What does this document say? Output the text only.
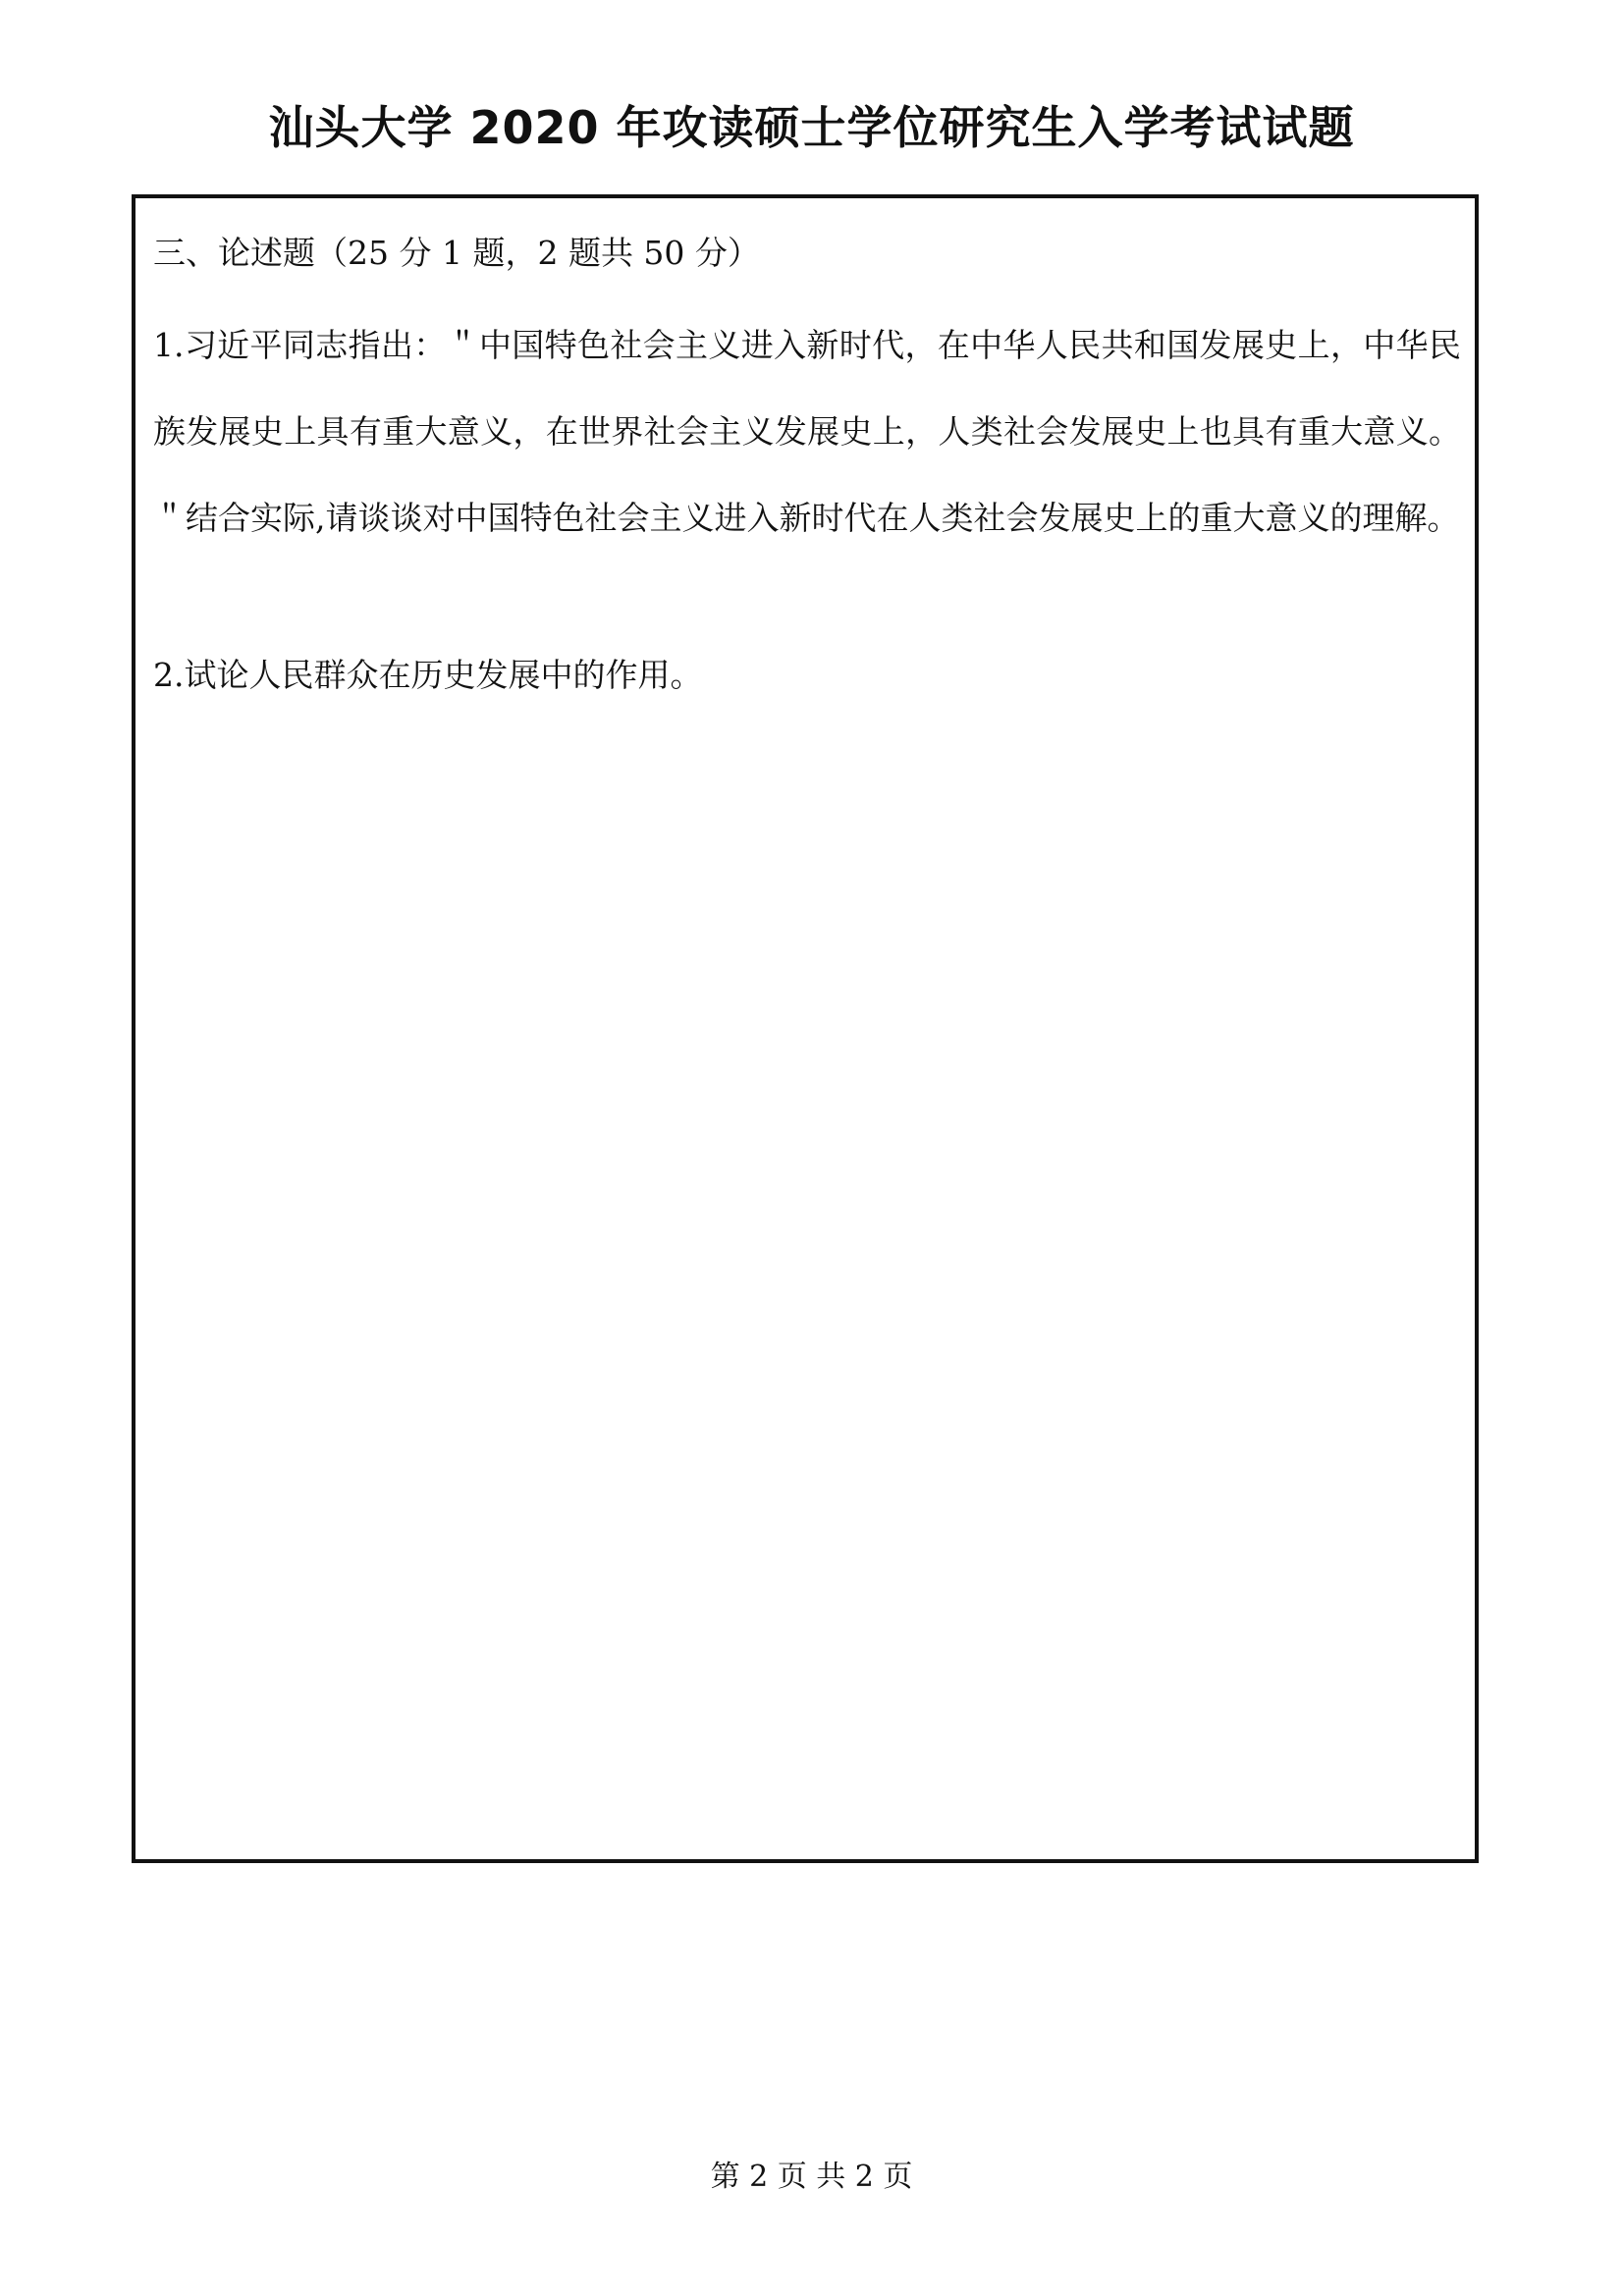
汕头大学 2020 年攻读硕士学位研究生入学考试试题

三、论述题（25 分 1 题，2 题共 50 分）

1.习近平同志指出：＂中国特色社会主义进入新时代，在中华人民共和国发展史上，中华民族发展史上具有重大意义，在世界社会主义发展史上，人类社会发展史上也具有重大意义。＂结合实际,请谈谈对中国特色社会主义进入新时代在人类社会发展史上的重大意义的理解。

2.试论人民群众在历史发展中的作用。

第 2 页 共 2 页
